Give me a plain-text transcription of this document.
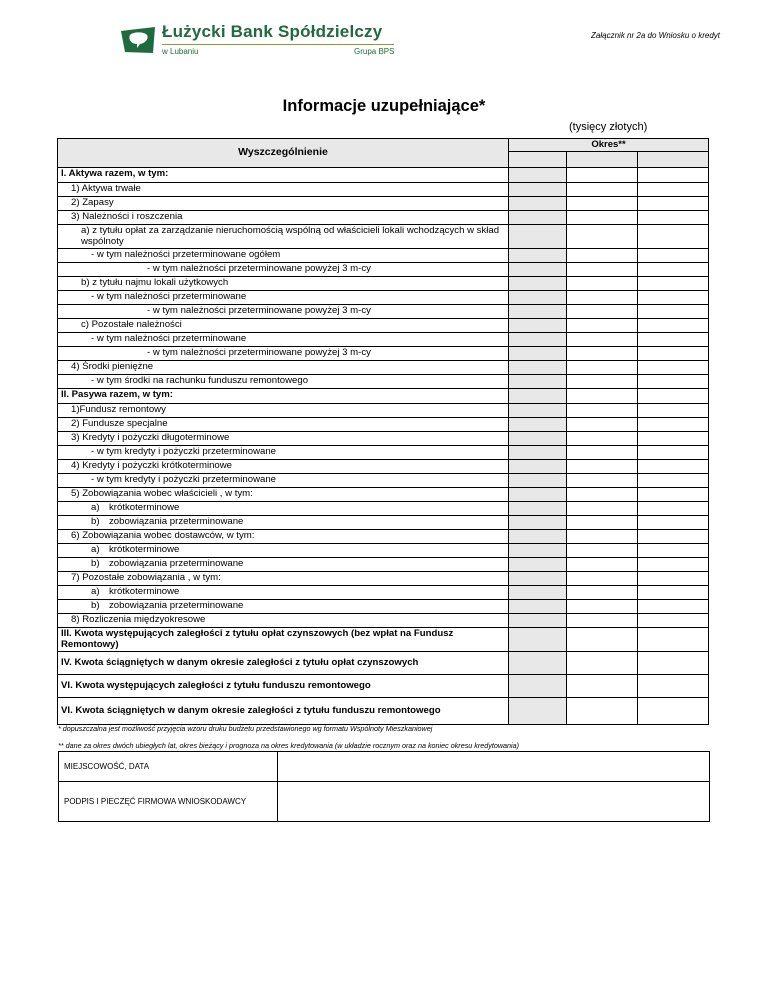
Łużycki Bank Spółdzielczy
w Lubaniu	Grupa BPS
Załącznik nr 2a do Wniosku o kredyt
Informacje uzupełniające*
(tysięcy złotych)
Wyszczególnienie	Okres**		

I. Aktywa razem, w tym:			
1) Aktywa trwałe			
2) Zapasy			
3) Należności i roszczenia			
a) z tytułu opłat za zarządzanie nieruchomością wspólną od właścicieli lokali wchodzących w skład wspólnoty			
- w tym należności przeterminowane ogółem			
- w tym należności przeterminowane powyżej 3 m-cy			
b) z tytułu najmu lokali użytkowych			
- w tym należności przeterminowane			
- w tym należności przeterminowane powyżej 3 m-cy			
c) Pozostałe należności			
- w tym należności przeterminowane			
- w tym należności przeterminowane powyżej 3 m-cy			
4) Środki pieniężne			
- w tym środki na rachunku funduszu remontowego			
II. Pasywa razem, w tym:			
1)Fundusz remontowy			
2) Fundusze specjalne			
3) Kredyty i pożyczki długoterminowe			
- w tym kredyty i pożyczki przeterminowane			
4) Kredyty i pożyczki krótkoterminowe			
- w tym kredyty i pożyczki przeterminowane			
5) Zobowiązania wobec właścicieli , w tym:			
a) krótkoterminowe			
b) zobowiązania przeterminowane			
6) Zobowiązania wobec dostawców, w tym:			
a) krótkoterminowe			
b) zobowiązania przeterminowane			
7) Pozostałe zobowiązania , w tym:			
a) krótkoterminowe			
b) zobowiązania przeterminowane			
8) Rozliczenia międzyokresowe			
III. Kwota występujących zaległości z tytułu opłat czynszowych (bez wpłat na Fundusz Remontowy)			
IV. Kwota ściągniętych w danym okresie zaległości z tytułu opłat czynszowych			
VI. Kwota występujących zaległości z tytułu funduszu remontowego			
VI. Kwota ściągniętych w danym okresie zaległości z tytułu funduszu remontowego			
* dopuszczalna jest możliwość przyjęcia wzoru druku budżetu przedstawionego wg formatu Wspólnoty Mieszkaniowej
** dane za okres dwóch ubiegłych lat, okres bieżący i prognoza na okres kredytowania (w układzie rocznym oraz na koniec okresu kredytowania)
MIEJSCOWOŚĆ, DATA	
PODPIS I PIECZĘĆ FIRMOWA WNIOSKODAWCY	
